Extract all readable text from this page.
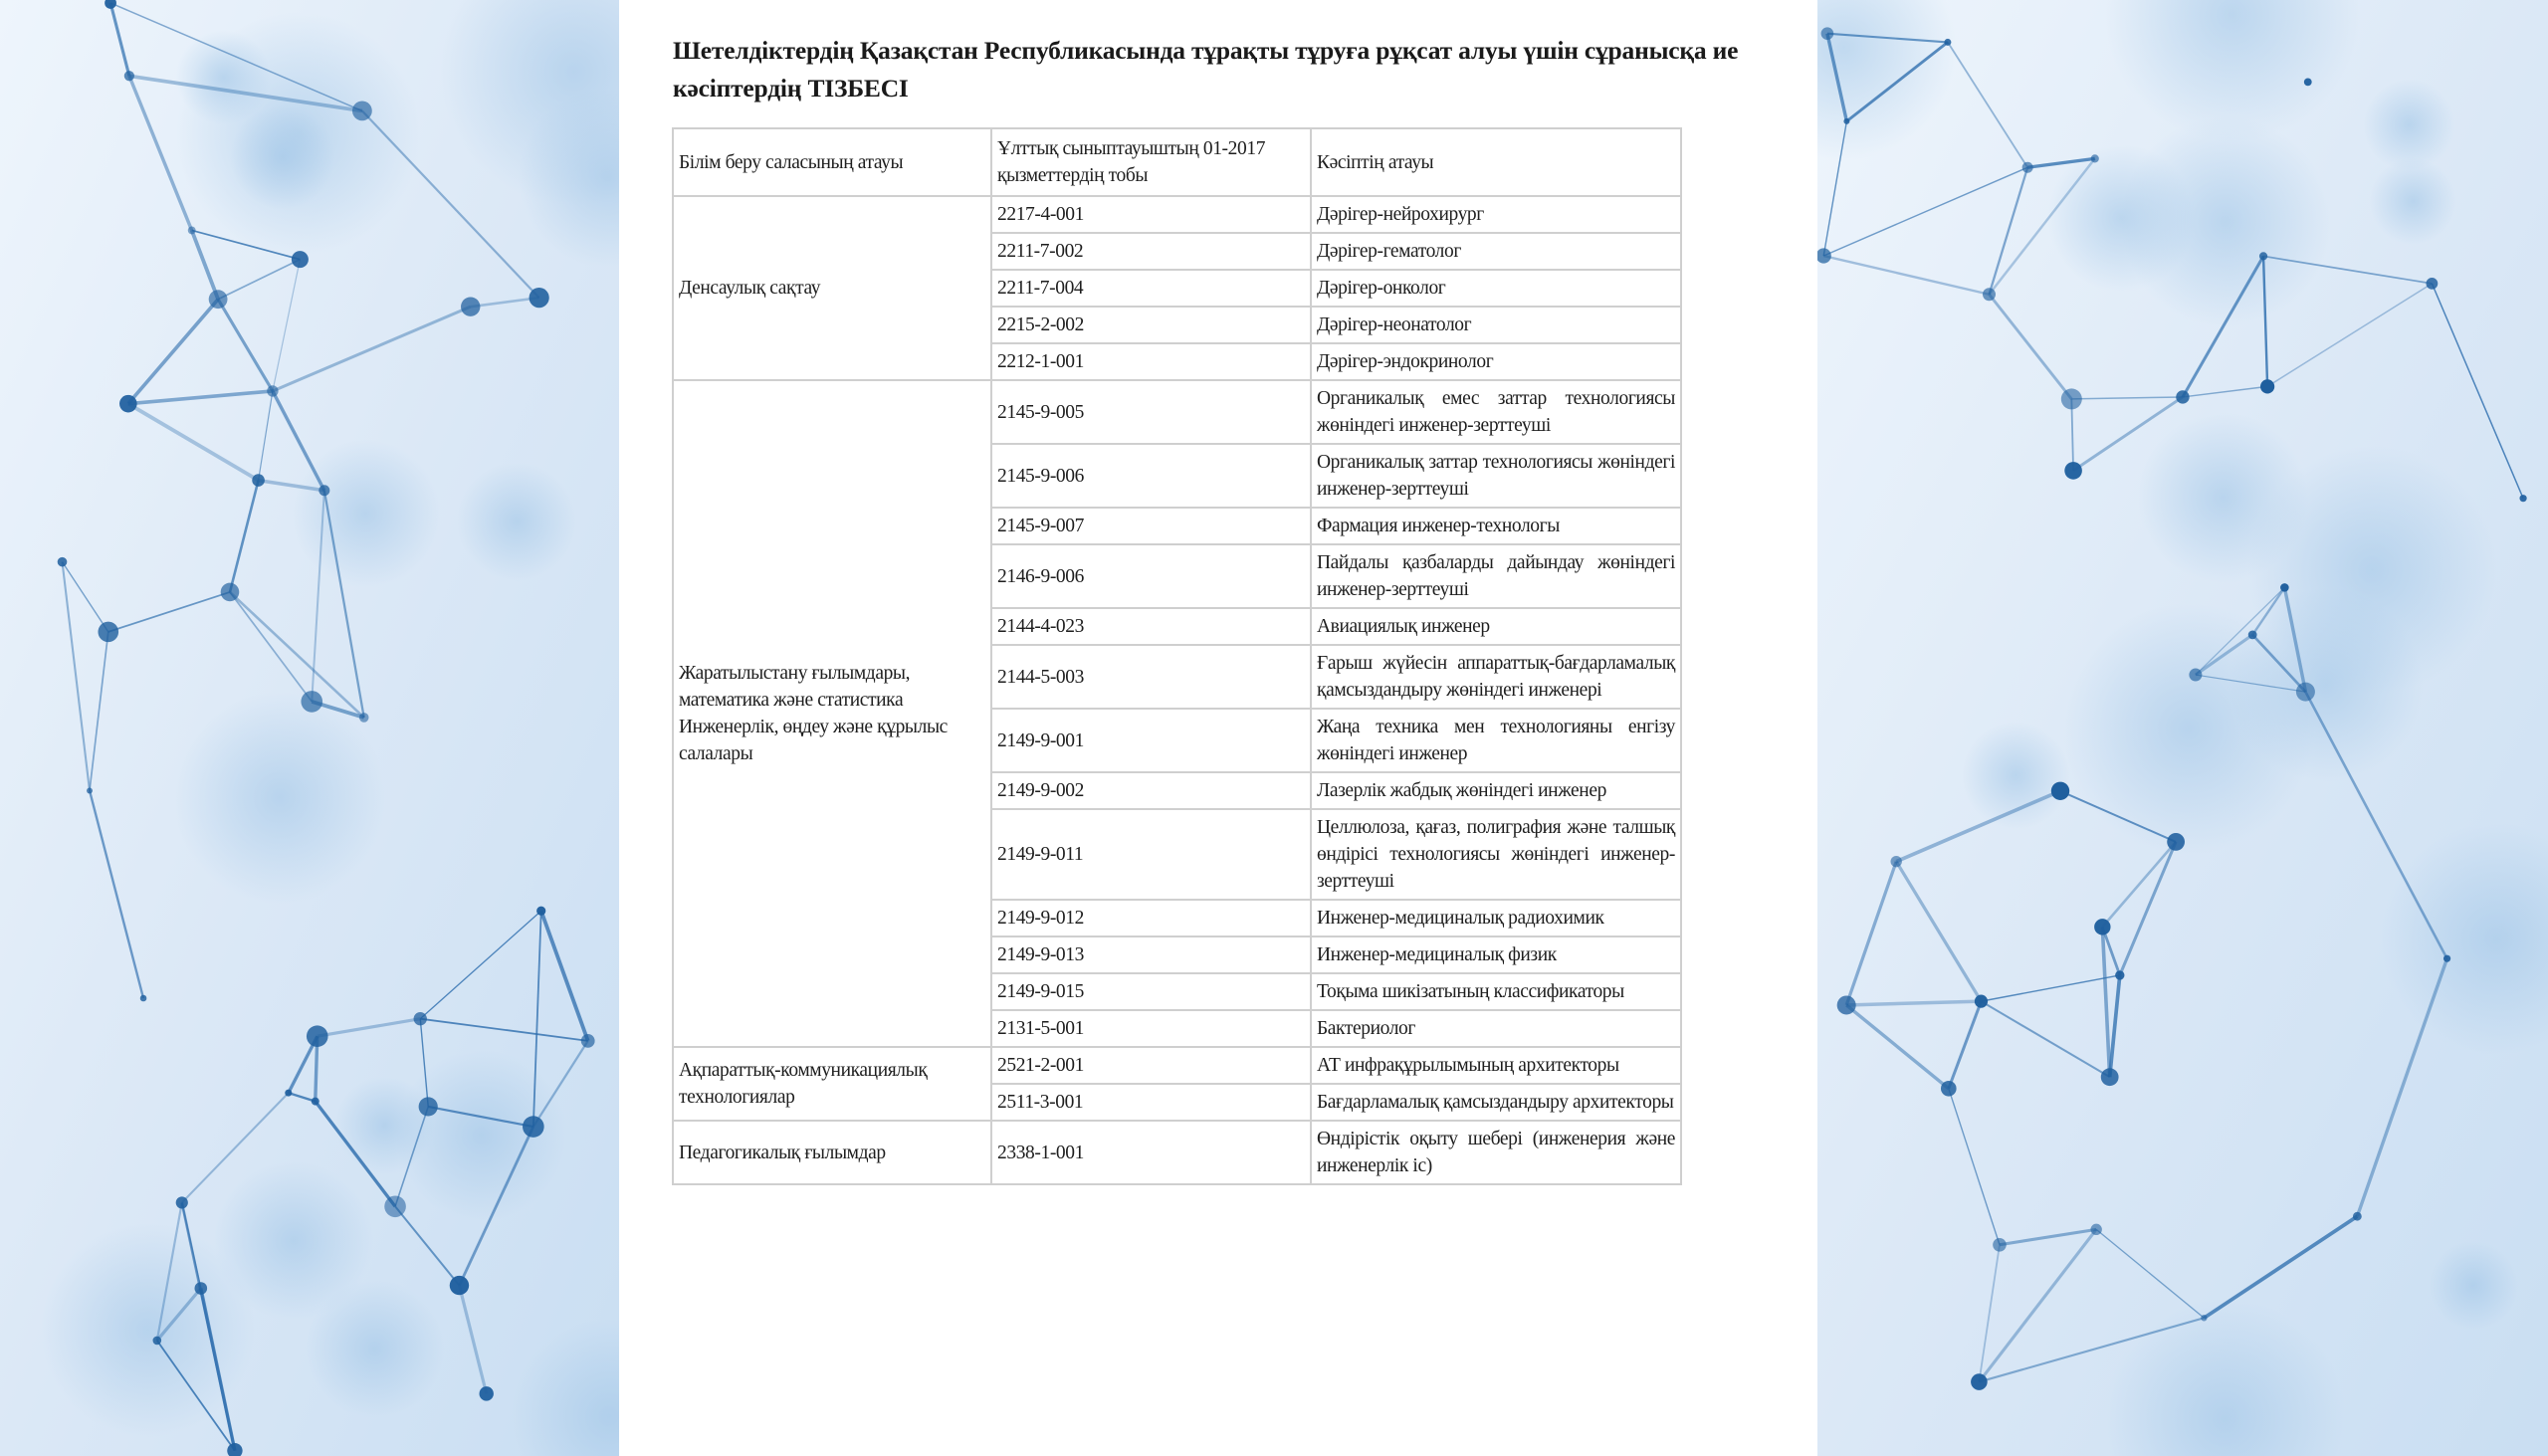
Шетелдіктердің Қазақстан Республикасында тұрақты тұруға рұқсат алуы үшін сұранысқа ие кәсіптердің ТІЗБЕСІ
Білім беру саласының атауы	Ұлттық сыныптауыштың 01-2017 қызметтердің тобы	Кәсіптің атауы
Денсаулық сақтау	2217-4-001	Дәрігер-нейрохирург
	2211-7-002	Дәрігер-гематолог
	2211-7-004	Дәрігер-онколог
	2215-2-002	Дәрігер-неонатолог
	2212-1-001	Дәрігер-эндокринолог
Жаратылыстану ғылымдары, математика және статистика Инженерлік, өңдеу және құрылыс салалары	2145-9-005	Органикалық емес заттар технологиясы жөніндегі инженер-зерттеуші
	2145-9-006	Органикалық заттар технологиясы жөніндегі инженер-зерттеуші
	2145-9-007	Фармация инженер-технологы
	2146-9-006	Пайдалы қазбаларды дайындау жөніндегі инженер-зерттеуші
	2144-4-023	Авиациялық инженер
	2144-5-003	Ғарыш жүйесін аппараттық-бағдарламалық қамсыздандыру жөніндегі инженері
	2149-9-001	Жаңа техника мен технологияны енгізу жөніндегі инженер
	2149-9-002	Лазерлік жабдық жөніндегі инженер
	2149-9-011	Целлюлоза, қағаз, полиграфия және талшық өндірісі технологиясы жөніндегі инженер-зерттеуші
	2149-9-012	Инженер-медициналық радиохимик
	2149-9-013	Инженер-медициналық физик
	2149-9-015	Тоқыма шикізатының классификаторы
	2131-5-001	Бактериолог
Ақпараттық-коммуникациялық технологиялар	2521-2-001	АТ инфрақұрылымының архитекторы
	2511-3-001	Бағдарламалық қамсыздандыру архитекторы
Педагогикалық ғылымдар	2338-1-001	Өндірістік оқыту шебері (инженерия және инженерлік іс)
